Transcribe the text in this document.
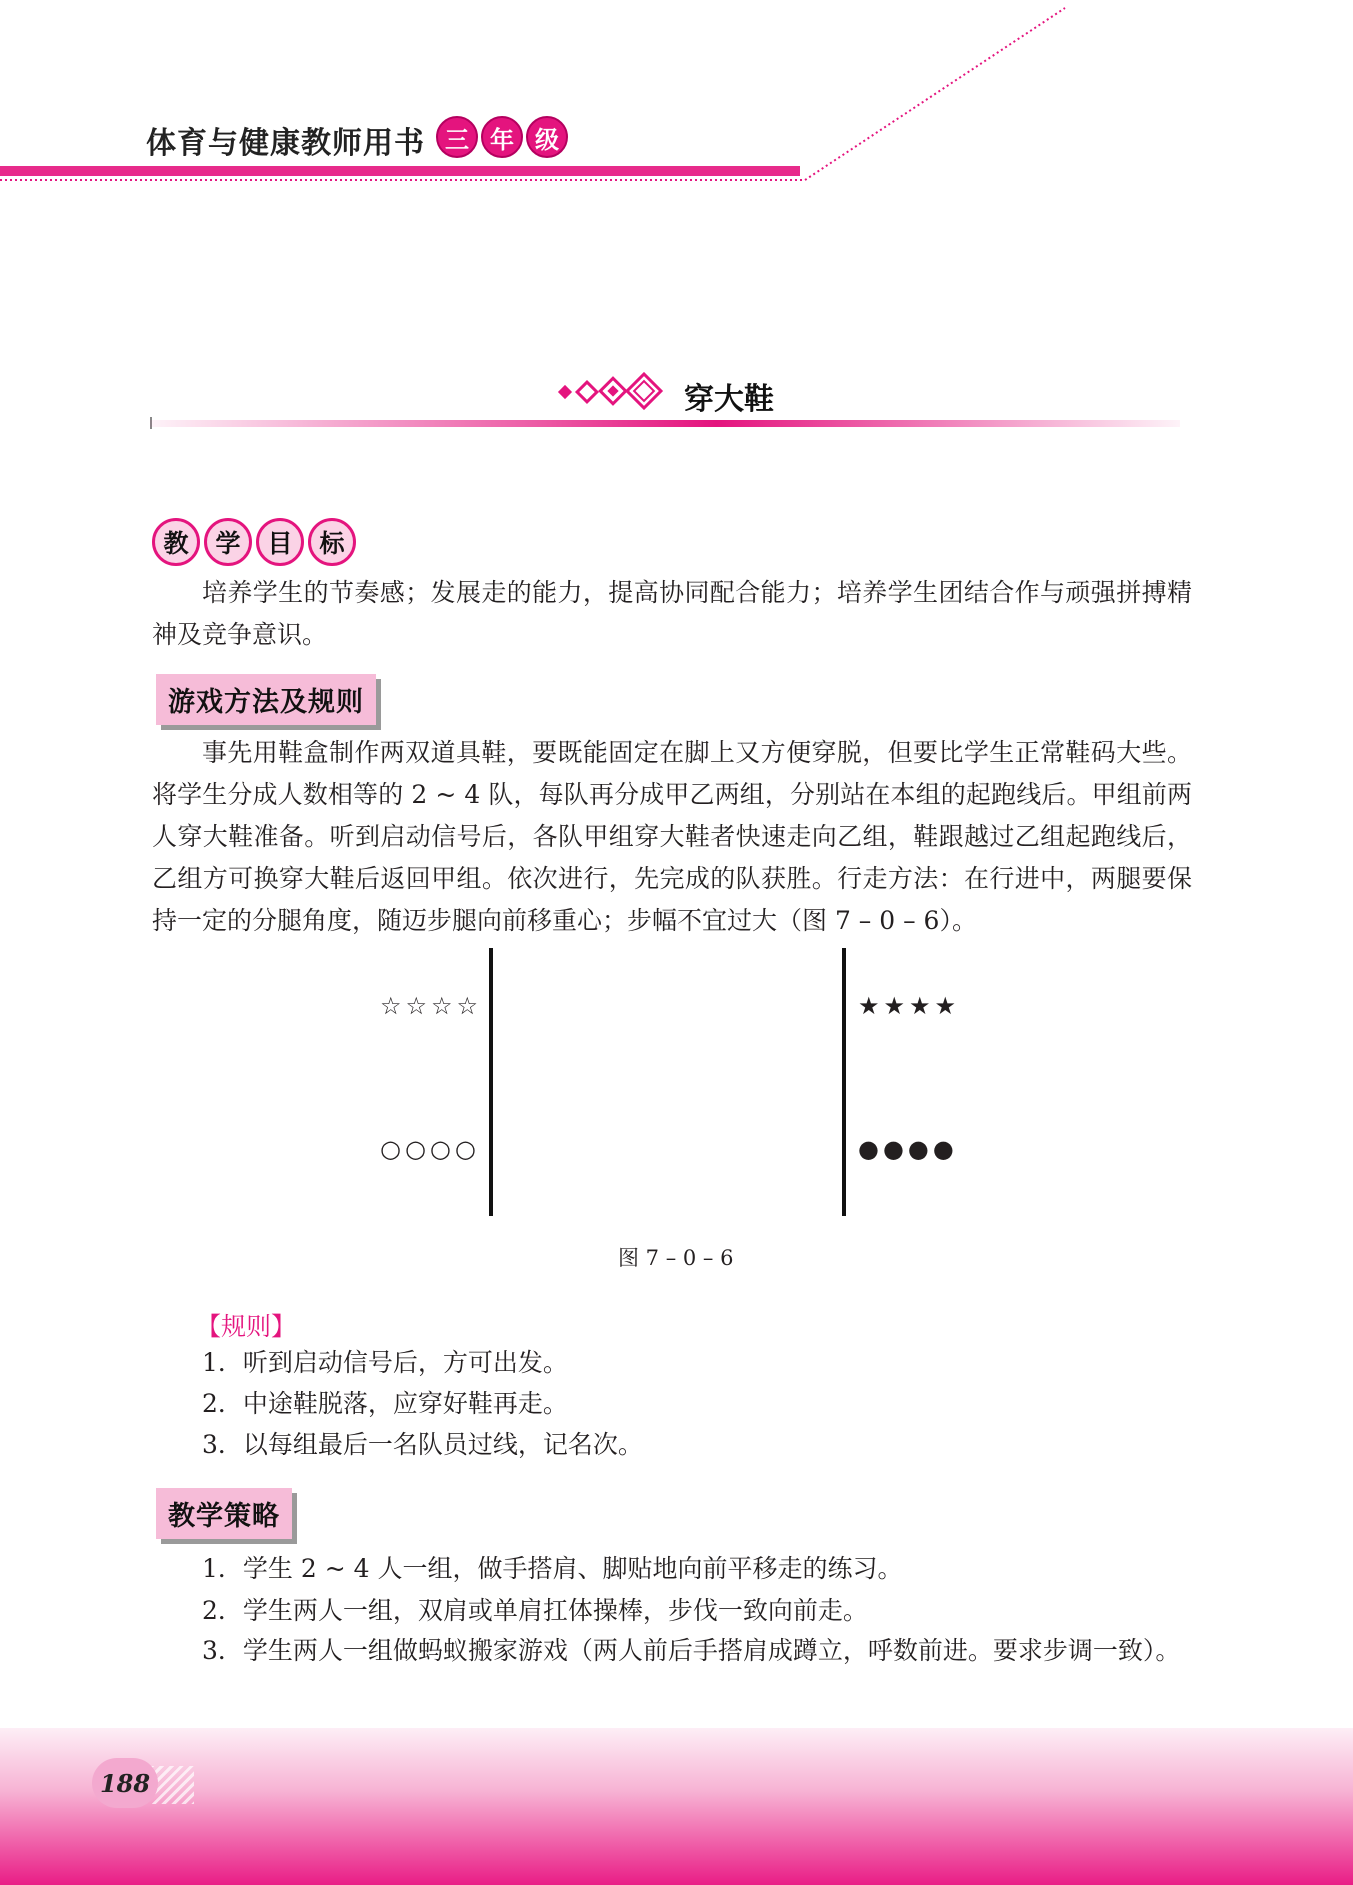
体育与健康教师用书 三 年 级
穿大鞋
教	学	目	标
培养学生的节奏感；发展走的能力，提高协同配合能力；培养学生团结合作与顽强拼搏精神及竞争意识。
游戏方法及规则
事先用鞋盒制作两双道具鞋，要既能固定在脚上又方便穿脱，但要比学生正常鞋码大些。将学生分成人数相等的 2 ~ 4 队，每队再分成甲乙两组，分别站在本组的起跑线后。甲组前两人穿大鞋准备。听到启动信号后，各队甲组穿大鞋者快速走向乙组，鞋跟越过乙组起跑线后，乙组方可换穿大鞋后返回甲组。依次进行，先完成的队获胜。行走方法：在行进中，两腿要保持一定的分腿角度，随迈步腿向前移重心；步幅不宜过大（图 7 – 0 – 6）。
☆☆☆☆
○○○○
★★★★
●●●●
图 7 – 0 – 6
【规则】
1．听到启动信号后，方可出发。
2．中途鞋脱落，应穿好鞋再走。
3．以每组最后一名队员过线，记名次。
教学策略
1．学生 2 ~ 4 人一组，做手搭肩、脚贴地向前平移走的练习。
2．学生两人一组，双肩或单肩扛体操棒，步伐一致向前走。
3．学生两人一组做蚂蚁搬家游戏（两人前后手搭肩成蹲立，呼数前进。要求步调一致）。
188
